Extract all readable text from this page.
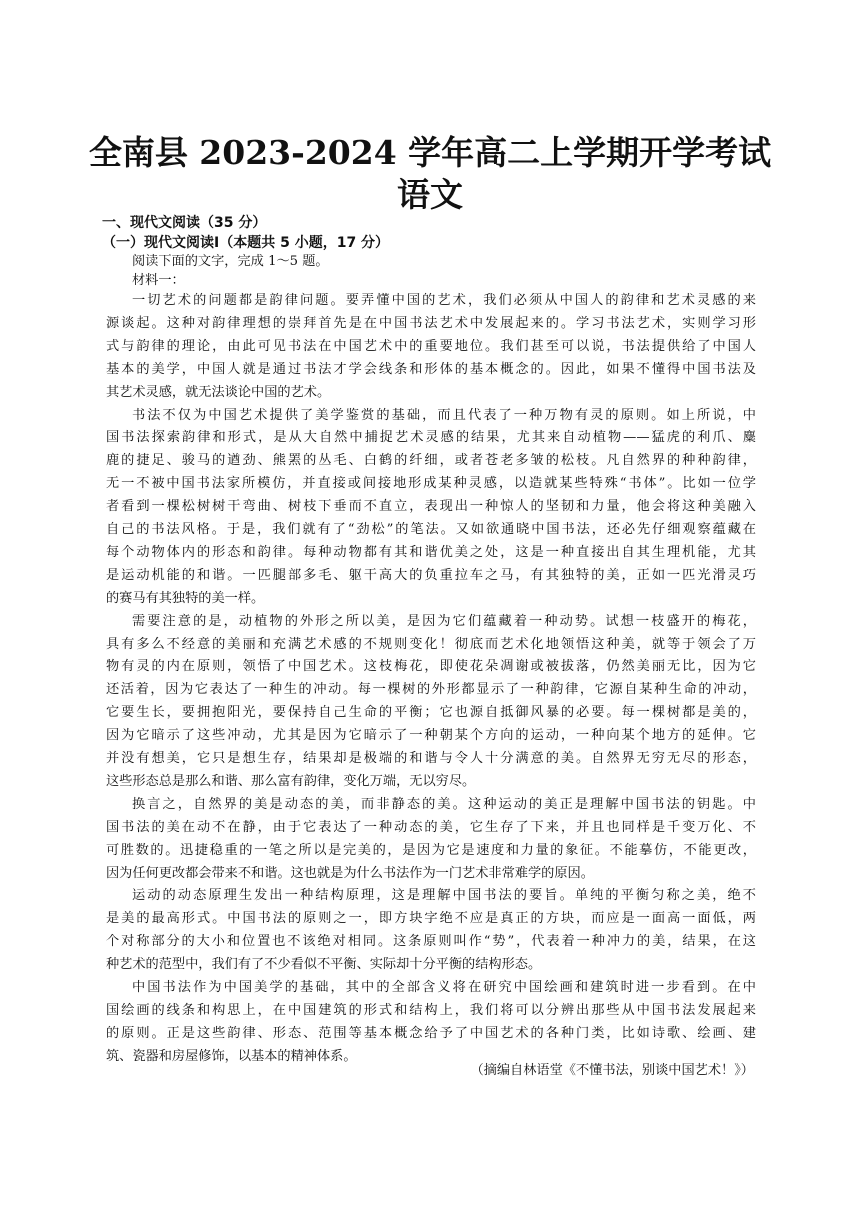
全南县 2023-2024 学年高二上学期开学考试
语文
一、现代文阅读（35 分）
（一）现代文阅读Ⅰ（本题共 5 小题，17 分）
阅读下面的文字，完成 1～5 题。
材料一：
一切艺术的问题都是韵律问题。要弄懂中国的艺术，我们必须从中国人的韵律和艺术灵感的来
源谈起。这种对韵律理想的崇拜首先是在中国书法艺术中发展起来的。学习书法艺术，实则学习形
式与韵律的理论，由此可见书法在中国艺术中的重要地位。我们甚至可以说，书法提供给了中国人
基本的美学，中国人就是通过书法才学会线条和形体的基本概念的。因此，如果不懂得中国书法及
其艺术灵感，就无法谈论中国的艺术。
书法不仅为中国艺术提供了美学鉴赏的基础，而且代表了一种万物有灵的原则。如上所说，中
国书法探索韵律和形式，是从大自然中捕捉艺术灵感的结果，尤其来自动植物——猛虎的利爪、麋
鹿的捷足、骏马的遒劲、熊罴的丛毛、白鹤的纤细，或者苍老多皱的松枝。凡自然界的种种韵律，
无一不被中国书法家所模仿，并直接或间接地形成某种灵感，以造就某些特殊“书体”。比如一位学
者看到一棵松树树干弯曲、树枝下垂而不直立，表现出一种惊人的坚韧和力量，他会将这种美融入
自己的书法风格。于是，我们就有了“劲松”的笔法。又如欲通晓中国书法，还必先仔细观察蕴藏在
每个动物体内的形态和韵律。每种动物都有其和谐优美之处，这是一种直接出自其生理机能，尤其
是运动机能的和谐。一匹腿部多毛、躯干高大的负重拉车之马，有其独特的美，正如一匹光滑灵巧
的赛马有其独特的美一样。
需要注意的是，动植物的外形之所以美，是因为它们蕴藏着一种动势。试想一枝盛开的梅花，
具有多么不经意的美丽和充满艺术感的不规则变化！彻底而艺术化地领悟这种美，就等于领会了万
物有灵的内在原则，领悟了中国艺术。这枝梅花，即使花朵凋谢或被拔落，仍然美丽无比，因为它
还活着，因为它表达了一种生的冲动。每一棵树的外形都显示了一种韵律，它源自某种生命的冲动，
它要生长，要拥抱阳光，要保持自己生命的平衡；它也源自抵御风暴的必要。每一棵树都是美的，
因为它暗示了这些冲动，尤其是因为它暗示了一种朝某个方向的运动，一种向某个地方的延伸。它
并没有想美，它只是想生存，结果却是极端的和谐与令人十分满意的美。自然界无穷无尽的形态，
这些形态总是那么和谐、那么富有韵律，变化万端，无以穷尽。
换言之，自然界的美是动态的美，而非静态的美。这种运动的美正是理解中国书法的钥匙。中
国书法的美在动不在静，由于它表达了一种动态的美，它生存了下来，并且也同样是千变万化、不
可胜数的。迅捷稳重的一笔之所以是完美的，是因为它是速度和力量的象征。不能摹仿，不能更改，
因为任何更改都会带来不和谐。这也就是为什么书法作为一门艺术非常难学的原因。
运动的动态原理生发出一种结构原理，这是理解中国书法的要旨。单纯的平衡匀称之美，绝不
是美的最高形式。中国书法的原则之一，即方块字绝不应是真正的方块，而应是一面高一面低，两
个对称部分的大小和位置也不该绝对相同。这条原则叫作“势”，代表着一种冲力的美，结果，在这
种艺术的范型中，我们有了不少看似不平衡、实际却十分平衡的结构形态。
中国书法作为中国美学的基础，其中的全部含义将在研究中国绘画和建筑时进一步看到。在中
国绘画的线条和构思上，在中国建筑的形式和结构上，我们将可以分辨出那些从中国书法发展起来
的原则。正是这些韵律、形态、范围等基本概念给予了中国艺术的各种门类，比如诗歌、绘画、建
筑、瓷器和房屋修饰，以基本的精神体系。
（摘编自林语堂《不懂书法，别谈中国艺术！》）
